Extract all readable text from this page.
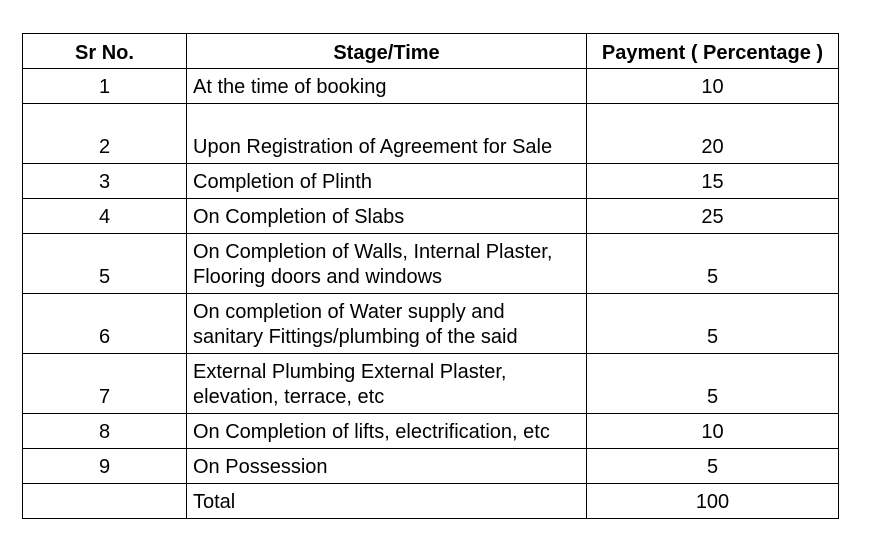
Sr No.	Stage/Time	Payment ( Percentage )
1	At the time of booking	10
2	Upon Registration of Agreement for Sale	20
3	Completion of Plinth	15
4	On Completion of Slabs	25
5	On Completion of Walls, Internal Plaster, Flooring doors and windows	5
6	On completion of Water supply and sanitary Fittings/plumbing of the said	5
7	External Plumbing External Plaster, elevation, terrace, etc	5
8	On Completion of lifts, electrification, etc	10
9	On Possession	5
	Total	100
